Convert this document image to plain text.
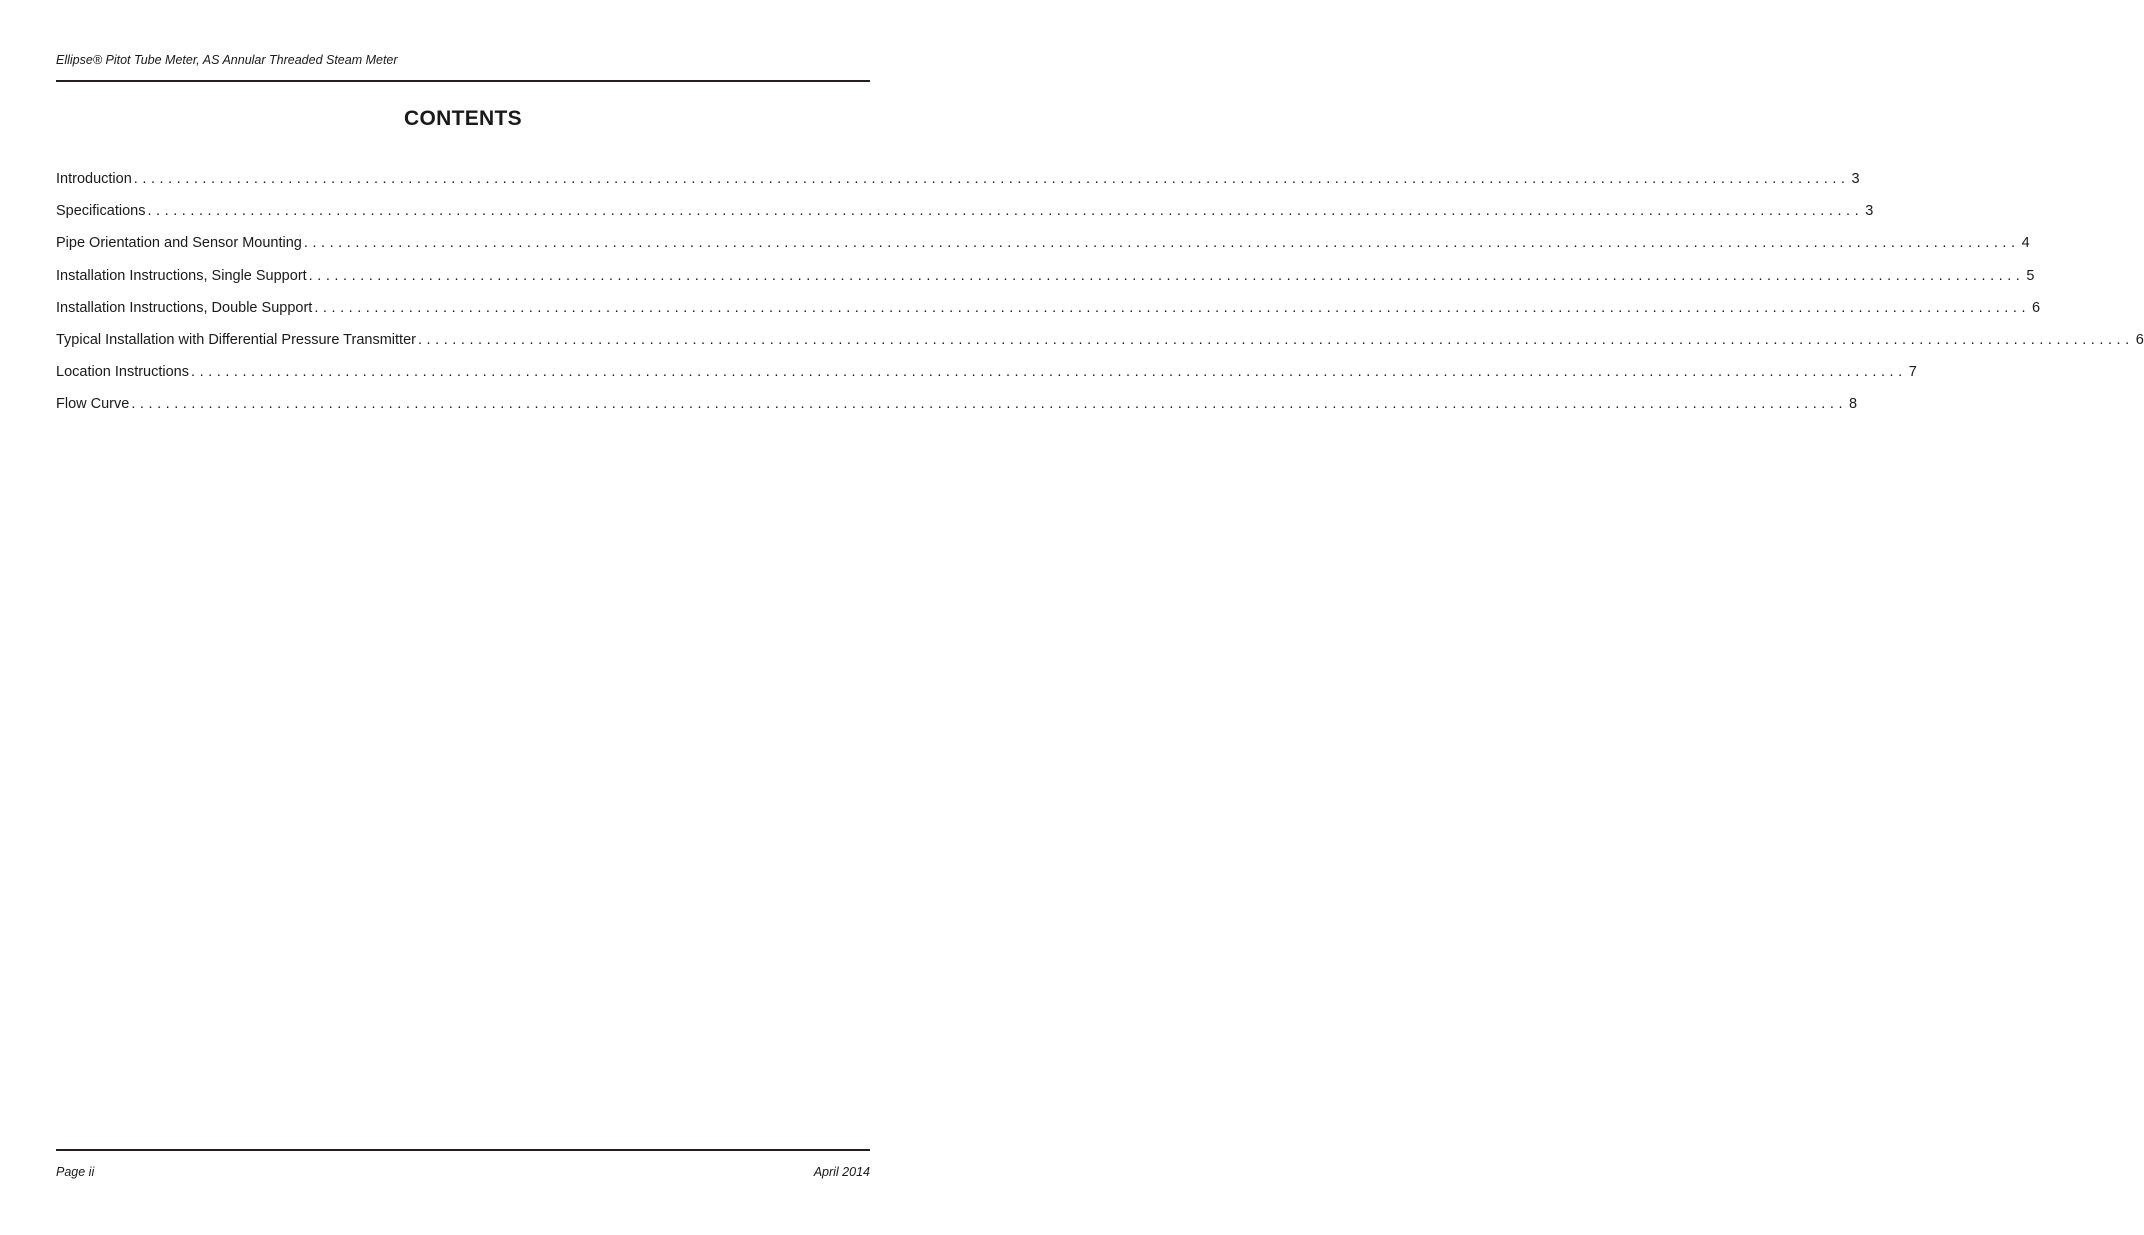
Ellipse® Pitot Tube Meter, AS Annular Threaded Steam Meter
CONTENTS
Introduction ........................................................................................................................................................................................................ 3
Specifications ........................................................................................................................................................................................................ 3
Pipe Orientation and Sensor Mounting ........................................................................................................................................................................................................ 4
Installation Instructions, Single Support ........................................................................................................................................................................................................ 5
Installation Instructions, Double Support ........................................................................................................................................................................................................ 6
Typical Installation with Differential Pressure Transmitter ........................................................................................................................................................................................................ 6
Location Instructions ........................................................................................................................................................................................................ 7
Flow Curve ........................................................................................................................................................................................................ 8
Page ii	April 2014
